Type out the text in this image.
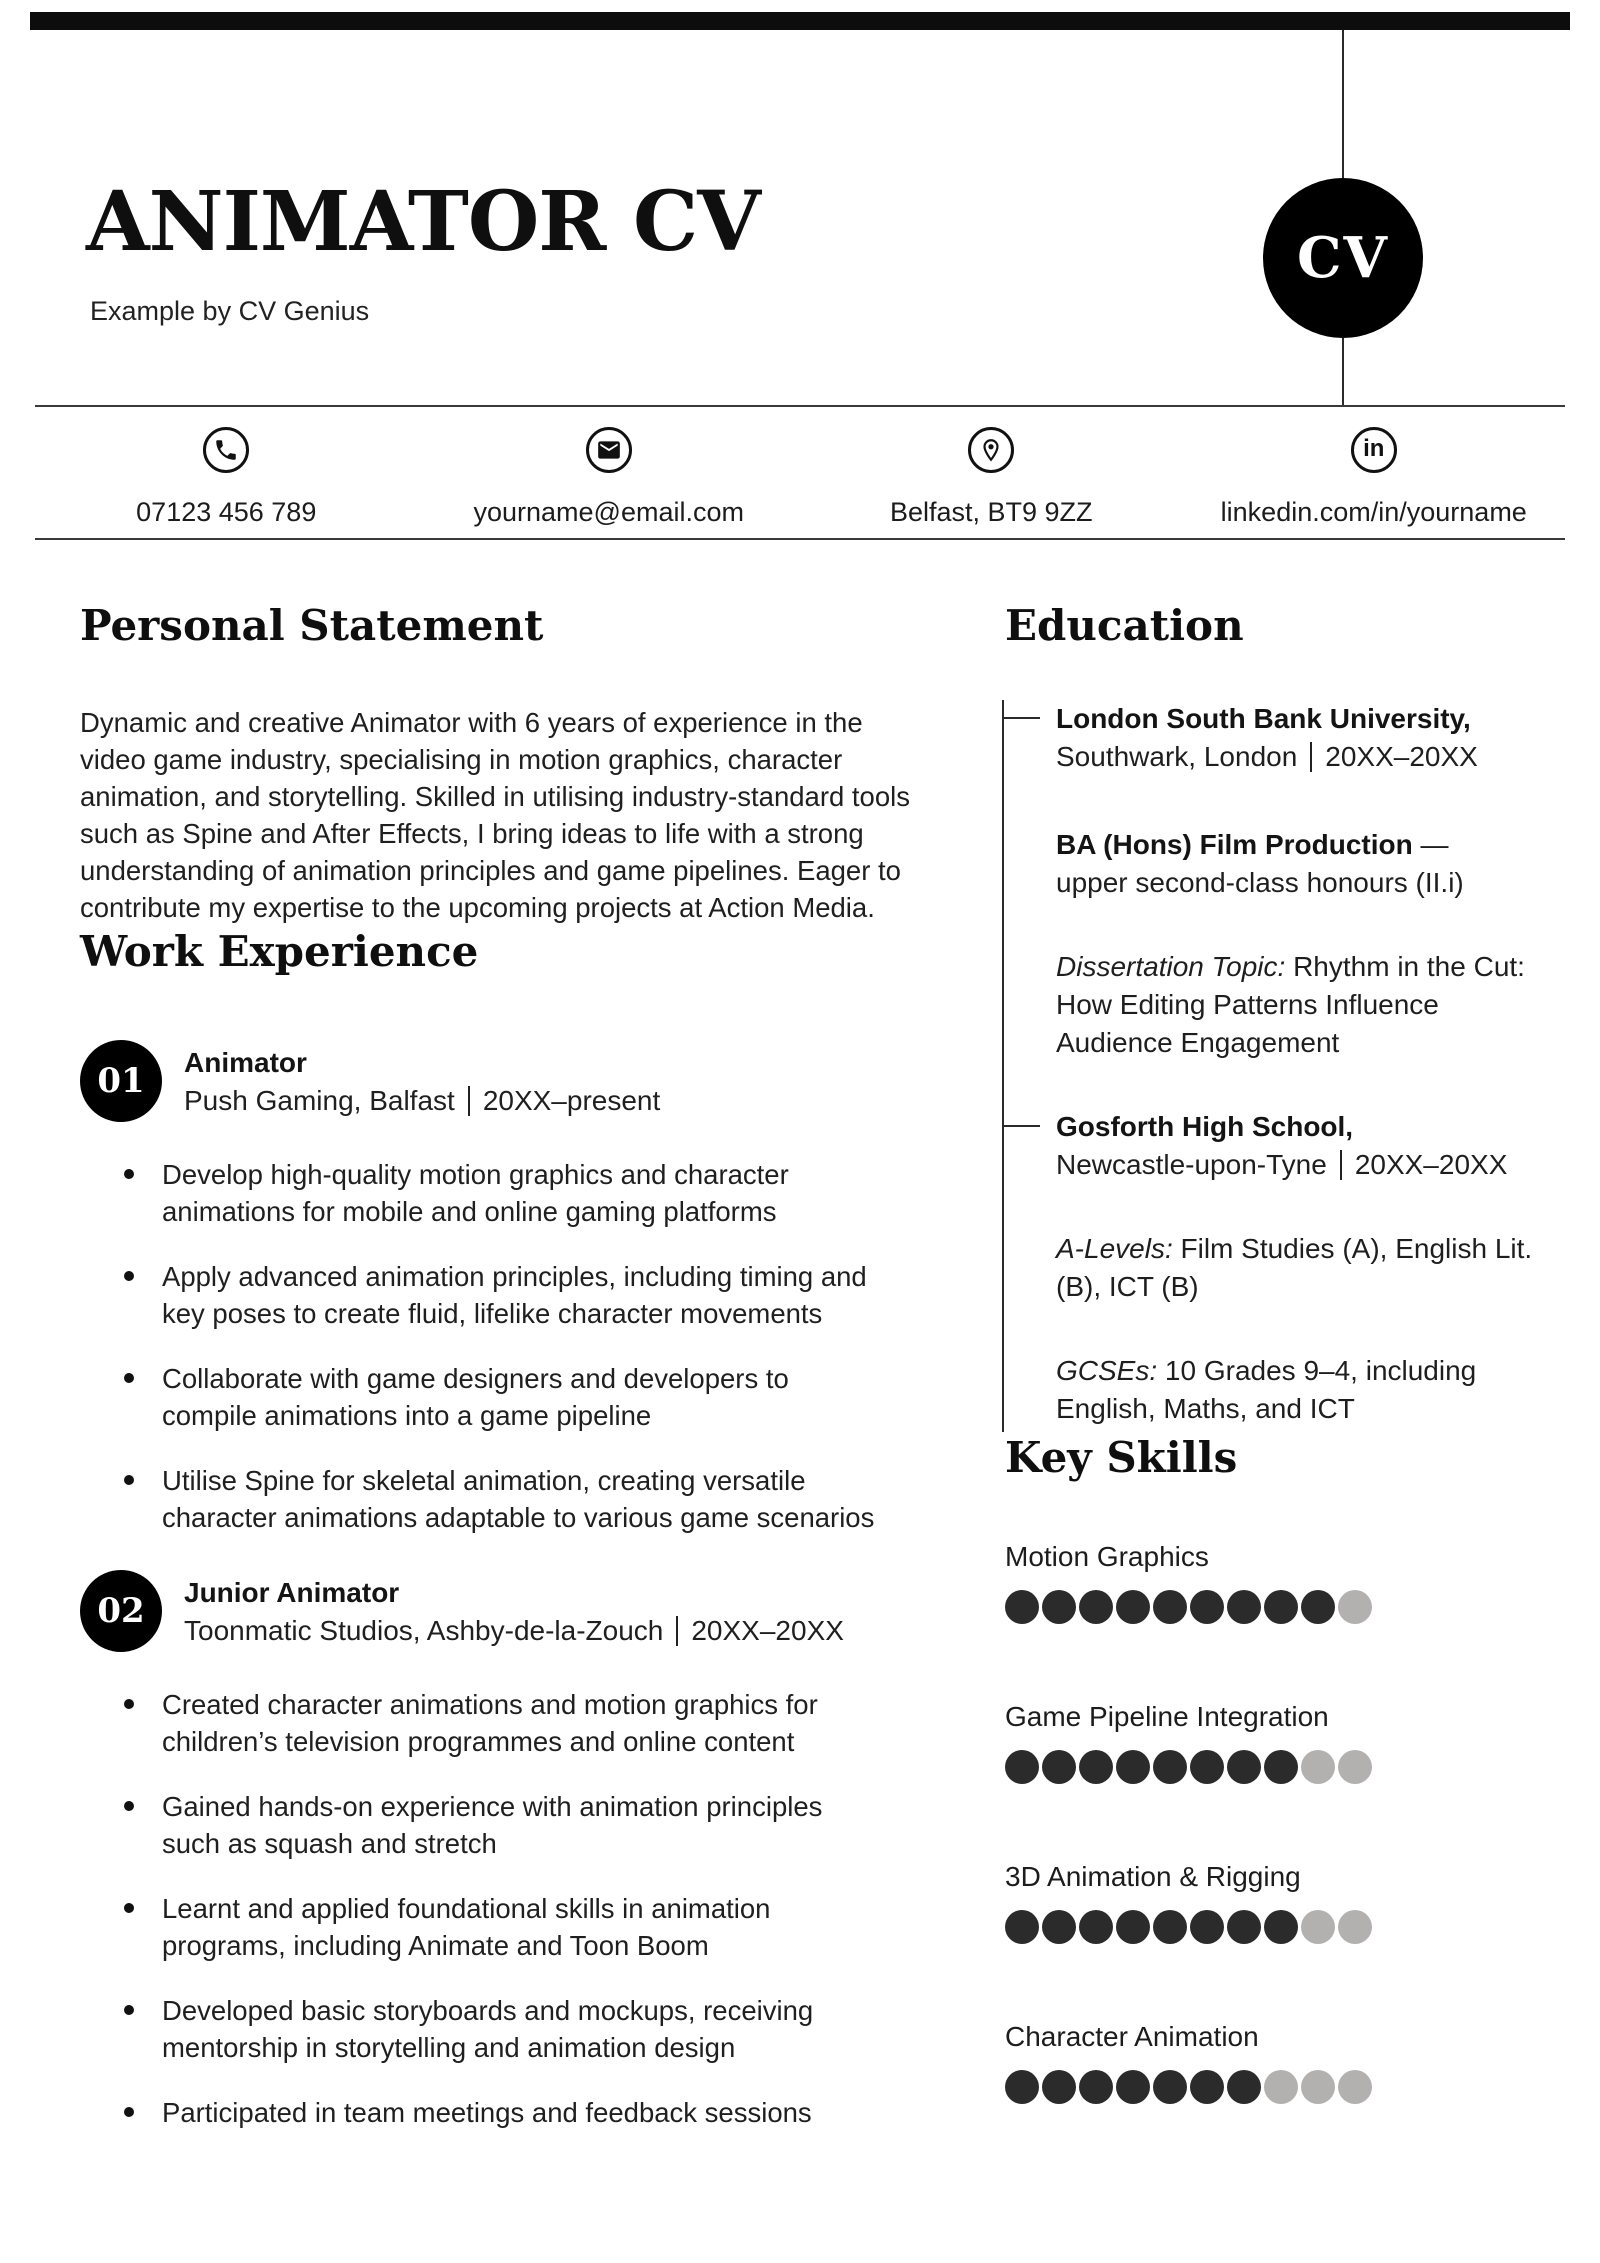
CV
ANIMATOR CV
Example by CV Genius
07123 456 789	yourname@email.com	Belfast, BT9 9ZZ
in
linkedin.com/in/yourname
Personal Statement
Dynamic and creative Animator with 6 years of experience in the video game industry, specialising in motion graphics, character animation, and storytelling. Skilled in utilising industry-standard tools such as Spine and After Effects, I bring ideas to life with a strong understanding of animation principles and game pipelines. Eager to contribute my expertise to the upcoming projects at Action Media.
Work Experience
01 Animator
Push Gaming, Balfast 20XX–present
Develop high-quality motion graphics and character animations for mobile and online gaming platforms
Apply advanced animation principles, including timing and key poses to create fluid, lifelike character movements
Collaborate with game designers and developers to compile animations into a game pipeline
Utilise Spine for skeletal animation, creating versatile character animations adaptable to various game scenarios
02 Junior Animator
Toonmatic Studios, Ashby-de-la-Zouch 20XX–20XX
Created character animations and motion graphics for children’s television programmes and online content
Gained hands-on experience with animation principles such as squash and stretch
Learnt and applied foundational skills in animation programs, including Animate and Toon Boom
Developed basic storyboards and mockups, receiving mentorship in storytelling and animation design
Participated in team meetings and feedback sessions
Education
London South Bank University,
Southwark, London 20XX–20XX
BA (Hons) Film Production —
upper second-class honours (II.i)
Dissertation Topic: Rhythm in the Cut: How Editing Patterns Influence Audience Engagement
Gosforth High School,
Newcastle-upon-Tyne 20XX–20XX
A-Levels: Film Studies (A), English Lit. (B), ICT (B)
GCSEs: 10 Grades 9–4, including English, Maths, and ICT
Key Skills
Motion Graphics
Game Pipeline Integration
3D Animation & Rigging
Character Animation
